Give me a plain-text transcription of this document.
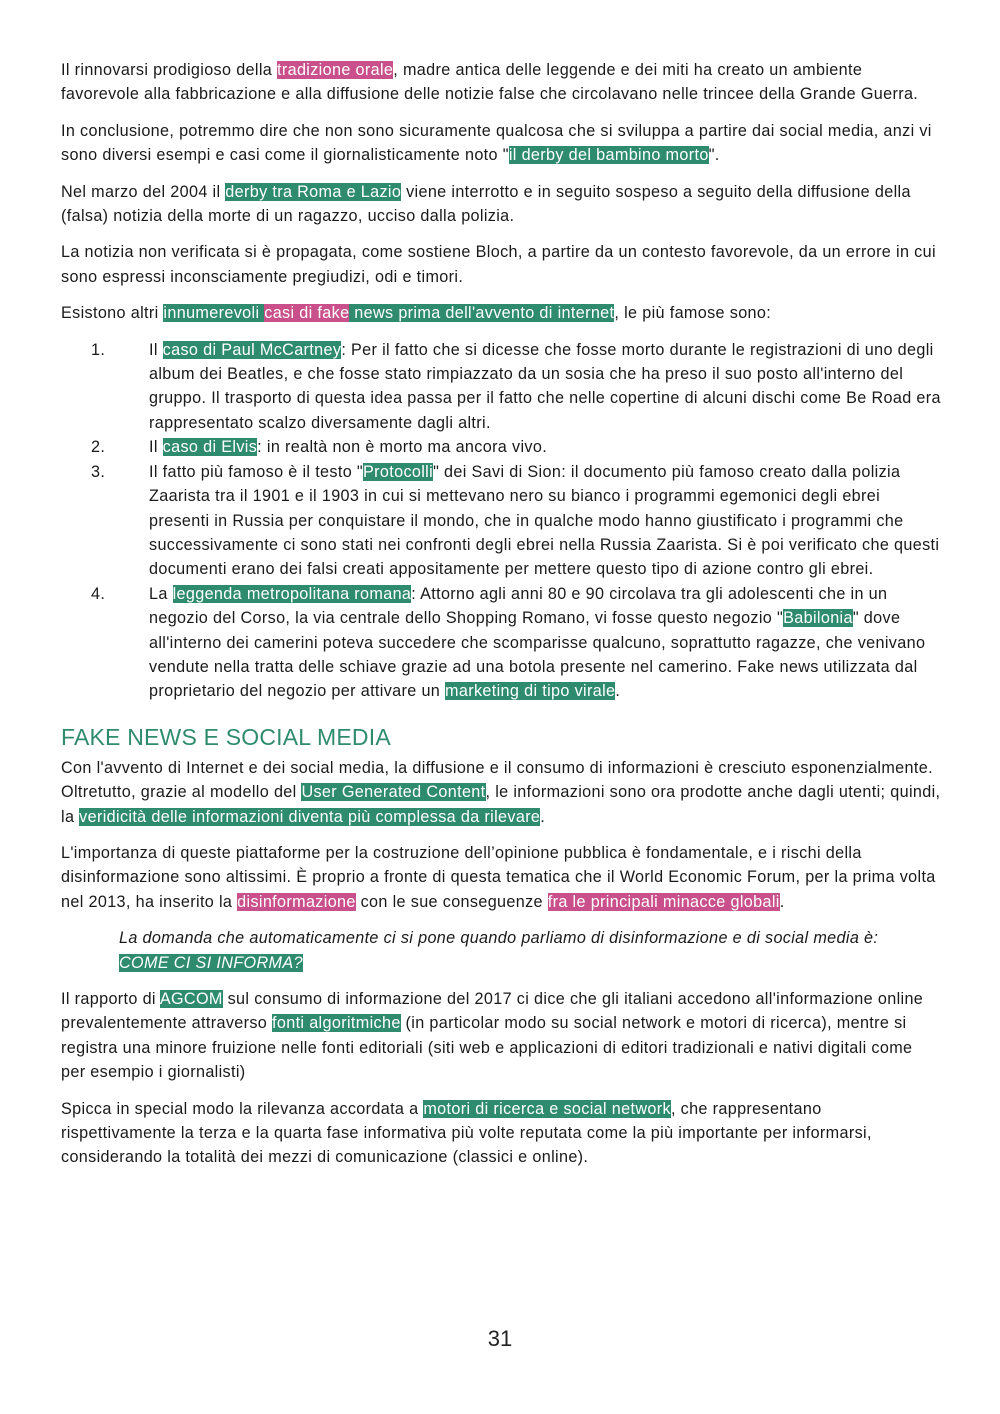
Il rinnovarsi prodigioso della tradizione orale, madre antica delle leggende e dei miti ha creato un ambiente favorevole alla fabbricazione e alla diffusione delle notizie false che circolavano nelle trincee della Grande Guerra.

In conclusione, potremmo dire che non sono sicuramente qualcosa che si sviluppa a partire dai social media, anzi vi sono diversi esempi e casi come il giornalisticamente noto "il derby del bambino morto".

Nel marzo del 2004 il derby tra Roma e Lazio viene interrotto e in seguito sospeso a seguito della diffusione della (falsa) notizia della morte di un ragazzo, ucciso dalla polizia.

La notizia non verificata si è propagata, come sostiene Bloch, a partire da un contesto favorevole, da un errore in cui sono espressi inconsciamente pregiudizi, odi e timori.

Esistono altri innumerevoli casi di fake news prima dell'avvento di internet, le più famose sono:

1.	Il caso di Paul McCartney: Per il fatto che si dicesse che fosse morto durante le registrazioni di uno degli album dei Beatles, e che fosse stato rimpiazzato da un sosia che ha preso il suo posto all'interno del gruppo. Il trasporto di questa idea passa per il fatto che nelle copertine di alcuni dischi come Be Road era rappresentato scalzo diversamente dagli altri.
2.	Il caso di Elvis: in realtà non è morto ma ancora vivo.
3.	Il fatto più famoso è il testo "Protocolli" dei Savi di Sion: il documento più famoso creato dalla polizia Zaarista tra il 1901 e il 1903 in cui si mettevano nero su bianco i programmi egemonici degli ebrei presenti in Russia per conquistare il mondo, che in qualche modo hanno giustificato i programmi che successivamente ci sono stati nei confronti degli ebrei nella Russia Zaarista. Si è poi verificato che questi documenti erano dei falsi creati appositamente per mettere questo tipo di azione contro gli ebrei.
4.	La leggenda metropolitana romana: Attorno agli anni 80 e 90 circolava tra gli adolescenti che in un negozio del Corso, la via centrale dello Shopping Romano, vi fosse questo negozio "Babilonia" dove all'interno dei camerini poteva succedere che scomparisse qualcuno, soprattutto ragazze, che venivano vendute nella tratta delle schiave grazie ad una botola presente nel camerino. Fake news utilizzata dal proprietario del negozio per attivare un marketing di tipo virale.
FAKE NEWS E SOCIAL MEDIA

Con l'avvento di Internet e dei social media, la diffusione e il consumo di informazioni è cresciuto esponenzialmente. Oltretutto, grazie al modello del User Generated Content, le informazioni sono ora prodotte anche dagli utenti; quindi, la veridicità delle informazioni diventa più complessa da rilevare.

L'importanza di queste piattaforme per la costruzione dell’opinione pubblica è fondamentale, e i rischi della disinformazione sono altissimi. È proprio a fronte di questa tematica che il World Economic Forum, per la prima volta nel 2013, ha inserito la disinformazione con le sue conseguenze fra le principali minacce globali.

La domanda che automaticamente ci si pone quando parliamo di disinformazione e di social media è: COME CI SI INFORMA?

Il rapporto di AGCOM sul consumo di informazione del 2017 ci dice che gli italiani accedono all'informazione online prevalentemente attraverso fonti algoritmiche (in particolar modo su social network e motori di ricerca), mentre si registra una minore fruizione nelle fonti editoriali (siti web e applicazioni di editori tradizionali e nativi digitali come per esempio i giornalisti)

Spicca in special modo la rilevanza accordata a motori di ricerca e social network, che rappresentano rispettivamente la terza e la quarta fase informativa più volte reputata come la più importante per informarsi, considerando la totalità dei mezzi di comunicazione (classici e online).

31
